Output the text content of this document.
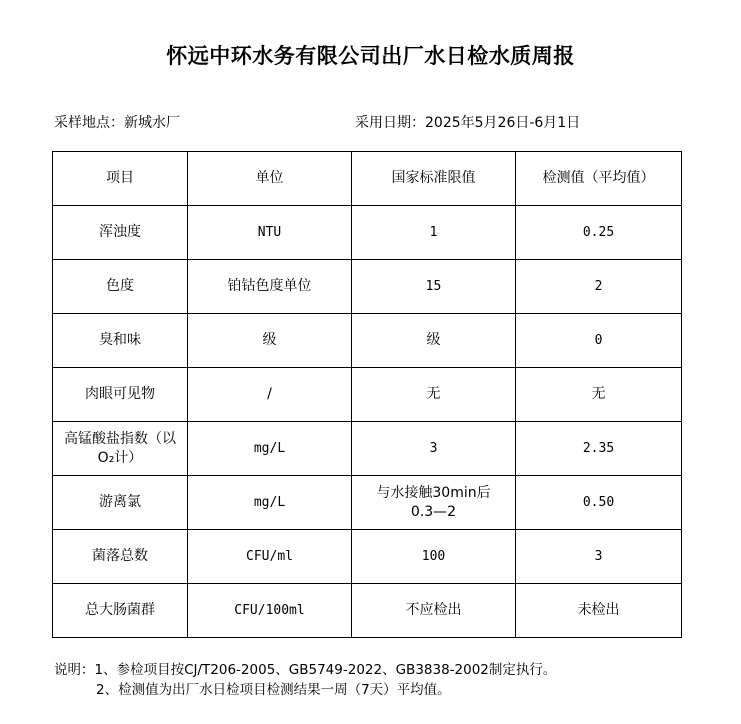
怀远中环水务有限公司出厂水日检水质周报
采样地点：新城水厂	采用日期：2025年5月26日-6月1日
项目	单位	国家标准限值	检测值（平均值）
浑浊度	NTU	1	0.25
色度	铂钴色度单位	15	2
臭和味	级	级	0
肉眼可见物	/	无	无
高锰酸盐指数（以O₂计）	mg/L	3	2.35
游离氯	mg/L	与水接触30min后0.3—2	0.50
菌落总数	CFU/ml	100	3
总大肠菌群	CFU/100ml	不应检出	未检出
说明：1、参检项目按CJ/T206-2005、GB5749-2022、GB3838-2002制定执行。
2、检测值为出厂水日检项目检测结果一周（7天）平均值。
